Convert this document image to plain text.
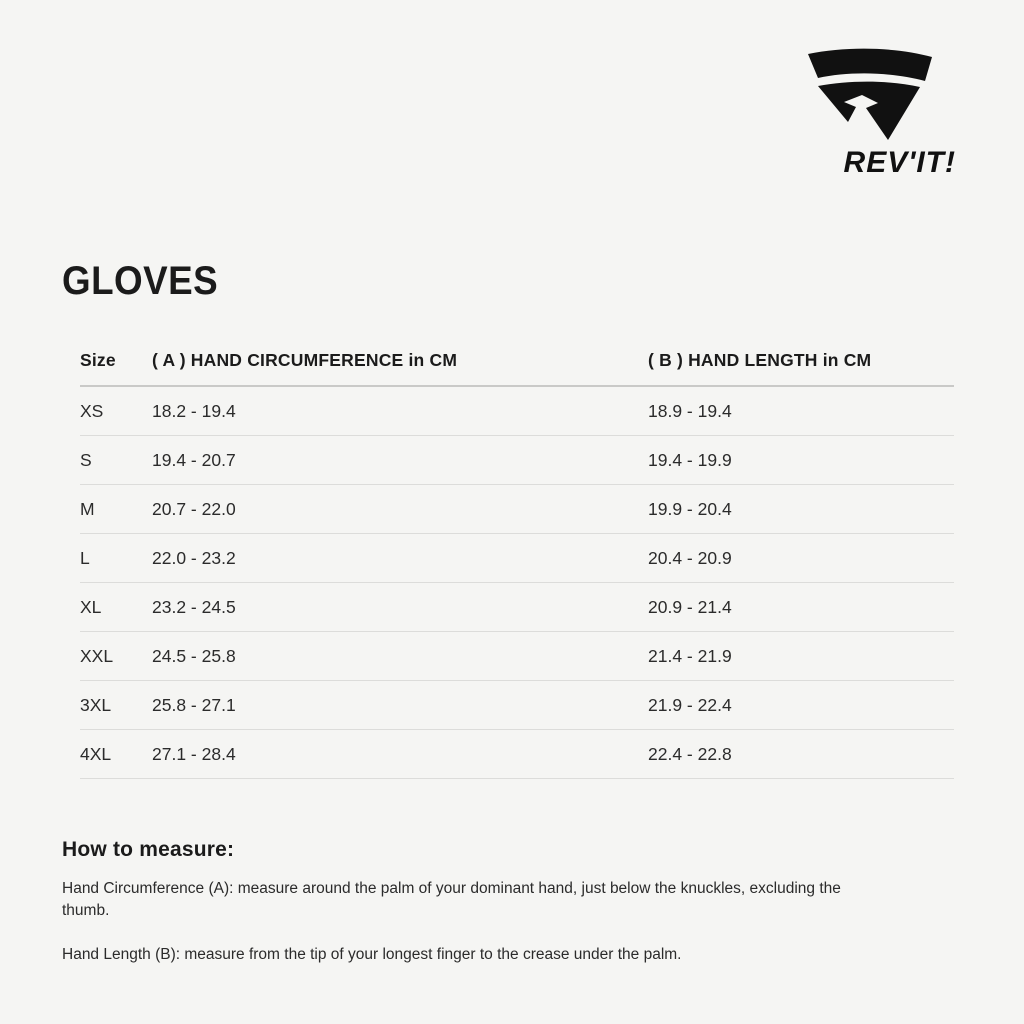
REV'IT!
GLOVES
Size	( A ) HAND CIRCUMFERENCE in CM	( B ) HAND LENGTH in CM
XS	18.2 - 19.4	18.9 - 19.4
S	19.4 - 20.7	19.4 - 19.9
M	20.7 - 22.0	19.9 - 20.4
L	22.0 - 23.2	20.4 - 20.9
XL	23.2 - 24.5	20.9 - 21.4
XXL	24.5 - 25.8	21.4 - 21.9
3XL	25.8 - 27.1	21.9 - 22.4
4XL	27.1 - 28.4	22.4 - 22.8

How to measure:

Hand Circumference (A): measure around the palm of your dominant hand, just below the knuckles, excluding the thumb.

Hand Length (B): measure from the tip of your longest finger to the crease under the palm.
